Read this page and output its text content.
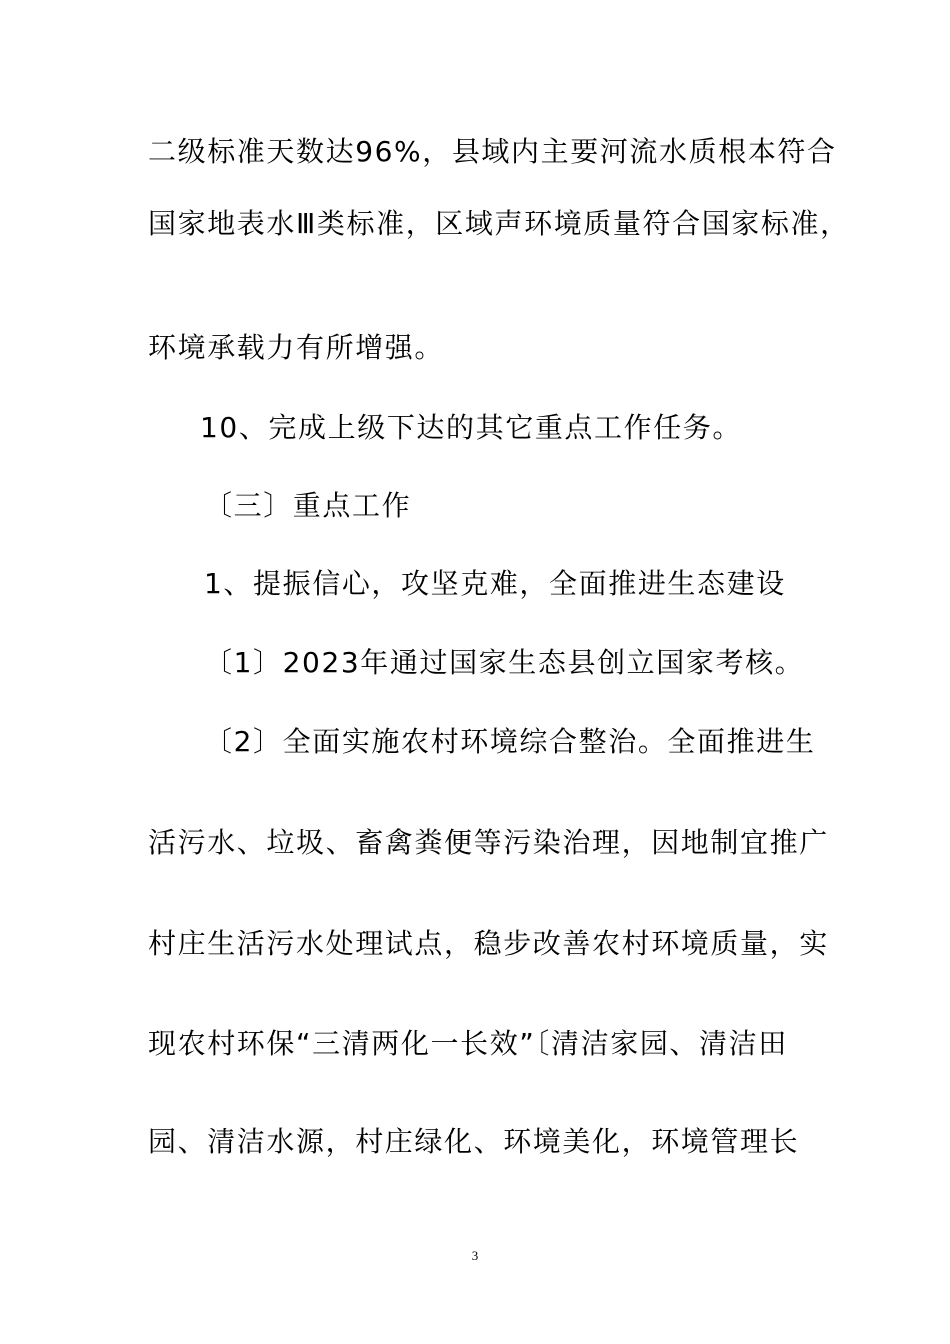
二级标准天数达96%，县域内主要河流水质根本符合
国家地表水Ⅲ类标准，区域声环境质量符合国家标准，
环境承载力有所增强。
10、完成上级下达的其它重点工作任务。
〔三〕重点工作
1、提振信心，攻坚克难，全面推进生态建设
〔1〕2023年通过国家生态县创立国家考核。
〔2〕全面实施农村环境综合整治。全面推进生
活污水、垃圾、畜禽粪便等污染治理，因地制宜推广
村庄生活污水处理试点，稳步改善农村环境质量，实
现农村环保“三清两化一长效”〔清洁家园、清洁田
园、清洁水源，村庄绿化、环境美化，环境管理长
3
